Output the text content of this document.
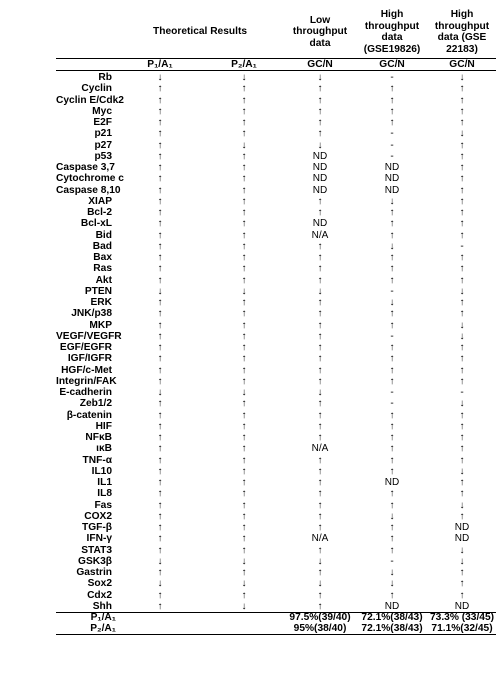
	Theoretical Results		Low throughput data	High throughput data (GSE19826)	High throughput data (GSE 22183)
	P₁/A₁	P₂/A₁	GC/N	GC/N	GC/N
Rb	↓	↓	↓	-	↓
Cyclin	↑	↑	↑	↑	↑
Cyclin E/Cdk2	↑	↑	↑	↑	↑
Myc	↑	↑	↑	↑	↑
E2F	↑	↑	↑	↑	↑
p21	↑	↑	↑	-	↓
p27	↑	↓	↓	-	↑
p53	↑	↑	ND	-	↑
Caspase 3,7	↑	↑	ND	ND	↑
Cytochrome c	↑	↑	ND	ND	↑
Caspase 8,10	↑	↑	ND	ND	↑
XIAP	↑	↑	↑	↓	↑
Bcl-2	↑	↑	↑	↑	↑
Bcl-xL	↑	↑	ND	↑	↑
Bid	↑	↑	N/A	↑	↑
Bad	↑	↑	↑	↓	-
Bax	↑	↑	↑	↑	↑
Ras	↑	↑	↑	↑	↑
Akt	↑	↑	↑	↑	↑
PTEN	↓	↓	↓	-	↓
ERK	↑	↑	↑	↓	↑
JNK/p38	↑	↑	↑	↑	↑
MKP	↑	↑	↑	↑	↓
VEGF/VEGFR	↑	↑	↑	-	↓
EGF/EGFR	↑	↑	↑	↑	↑
IGF/IGFR	↑	↑	↑	↑	↑
HGF/c-Met	↑	↑	↑	↑	↑
Integrin/FAK	↑	↑	↑	↑	↑
E-cadherin	↓	↓	↓	-	-
Zeb1/2	↑	↑	↑	-	↓
β-catenin	↑	↑	↑	↑	↑
HIF	↑	↑	↑	↑	↑
NFκB	↑	↑	↑	↑	↑
ικB	↑	↑	N/A	↑	↑
TNF-α	↑	↑	↑	↑	↑
IL10	↑	↑	↑	↑	↓
IL1	↑	↑	↑	ND	↑
IL8	↑	↑	↑	↑	↑
Fas	↑	↑	↑	↑	↓
COX2	↑	↑	↑	↓	↑
TGF-β	↑	↑	↑	↑	ND
IFN-γ	↑	↑	N/A	↑	ND
STAT3	↑	↑	↑	↑	↓
GSK3β	↓	↓	↓	-	↓
Gastrin	↑	↑	↑	↓	↑
Sox2	↓	↓	↓	↓	↑
Cdx2	↑	↑	↑	↑	↑
Shh	↑	↓	↑	ND	ND
P₁/A₁			97.5%(39/40)	72.1%(38/43)	73.3% (33/45)
P₂/A₁			95%(38/40)	72.1%(38/43)	71.1%(32/45)
